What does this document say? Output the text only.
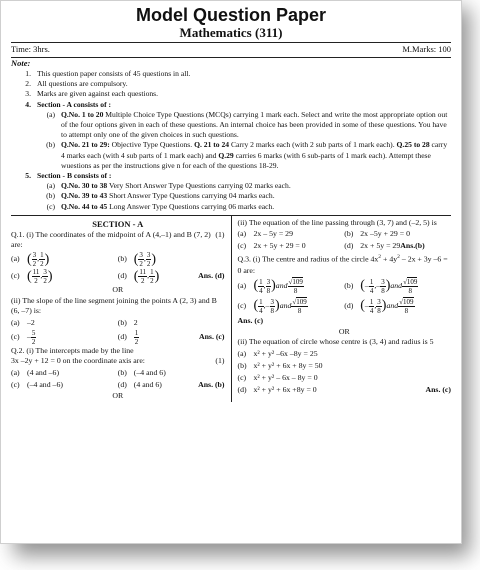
Model Question Paper
Mathematics (311)
Time: 3hrs.	M.Marks: 100
Note:
1. This question paper consists of 45 questions in all.
2. All questions are compulsory.
3. Marks are given against each questions.
4. Section - A consists of :
(a) Q.No. 1 to 20 Multiple Choice Type Questions (MCQs) carrying 1 mark each. Select and write the most appropriate option out of the four options given in each of these questions. An internal choice has been provided in some of these questions. You have to attempt only one of the given choices in such questions.
(b) Q.No. 21 to 29: Objective Type Questions. Q. 21 to 24 Carry 2 marks each (with 2 sub parts of 1 mark each). Q.25 to 28 carry 4 marks each (with 4 sub parts of 1 mark each) and Q.29 carries 6 marks (with 6 sub-parts of 1 mark each). Attempt these wuestions as per the instructions give n for each of the questions 18-29.
5. Section - B consists of :
(a) Q.No. 30 to 38 Very Short Answer Type Questions carrying 02 marks each.
(b) Q.No. 39 to 43 Short Answer Type Questions carrying 04 marks each.
(c) Q.No. 44 to 45 Long Answer Type Questions carrying 06 marks each.
SECTION - A
Q.1. (i) The coordinates of the midpoint of A (4,–1) and B (7, 2) are:
(1)
(a) ( $\frac{3}{2}$ , $\frac{1}{2}$ )	(b) ( $\frac{3}{2}$ , $\frac{3}{2}$ )
(c) ( $\frac{11}{2}$ , $\frac{3}{2}$ )	(d) ( $\frac{11}{2}$ , $\frac{1}{2}$ )	Ans. (d)
OR
(ii) The slope of the line segment joining the points A (2, 3) and B (6, –7) is:
(a) –2	(b) 2
$(c) - \frac{5}{2}$	$(d) \frac{1}{2}$	Ans. (c)
Q.2. (i) The intercepts made by the line
3x –2y + 12 = 0 on the coordinate axis are:	(1)
(a) (4 and –6)	(b) (–4 and 6)
(c) (–4 and –6)	(d) (4 and 6)	Ans. (b)
OR
(ii) The equation of the line passing through (3, 7) and (–2, 5) is
(a) 2x – 5y = 29	(b) 2x –5y + 29 = 0
(c) 2x + 5y + 29 = 0	(d) 2x + 5y = 29 Ans.(b)
Q.3. (i) The centre and radius of the circle $4x^2 + 4y^2 - 2x + 3y$ –6 = 0 are:
(a) ( $\frac{1}{4}$ , $\frac{3}{8}$ ) and $\frac{√109}{8}$	(b) ( – $\frac{1}{4}$ , – $\frac{3}{8}$ ) and $\frac{√109}{8}$
(c) ( $\frac{1}{4}$ , – $\frac{3}{8}$ ) and $\frac{√109}{8}$	(d) ( – $\frac{1}{4}$ , $\frac{3}{8}$ ) and $\frac{√109}{8}$
Ans. (c)
OR
(ii) The equation of circle whose centre is (3, 4) and radius is 5
(a) x² + y² –6x –8y = 25
(b) x² + y² + 6x + 8y = 50
(c) x² + y² – 6x – 8y = 0
(d) x² + y² + 6x +8y = 0	Ans. (c)
